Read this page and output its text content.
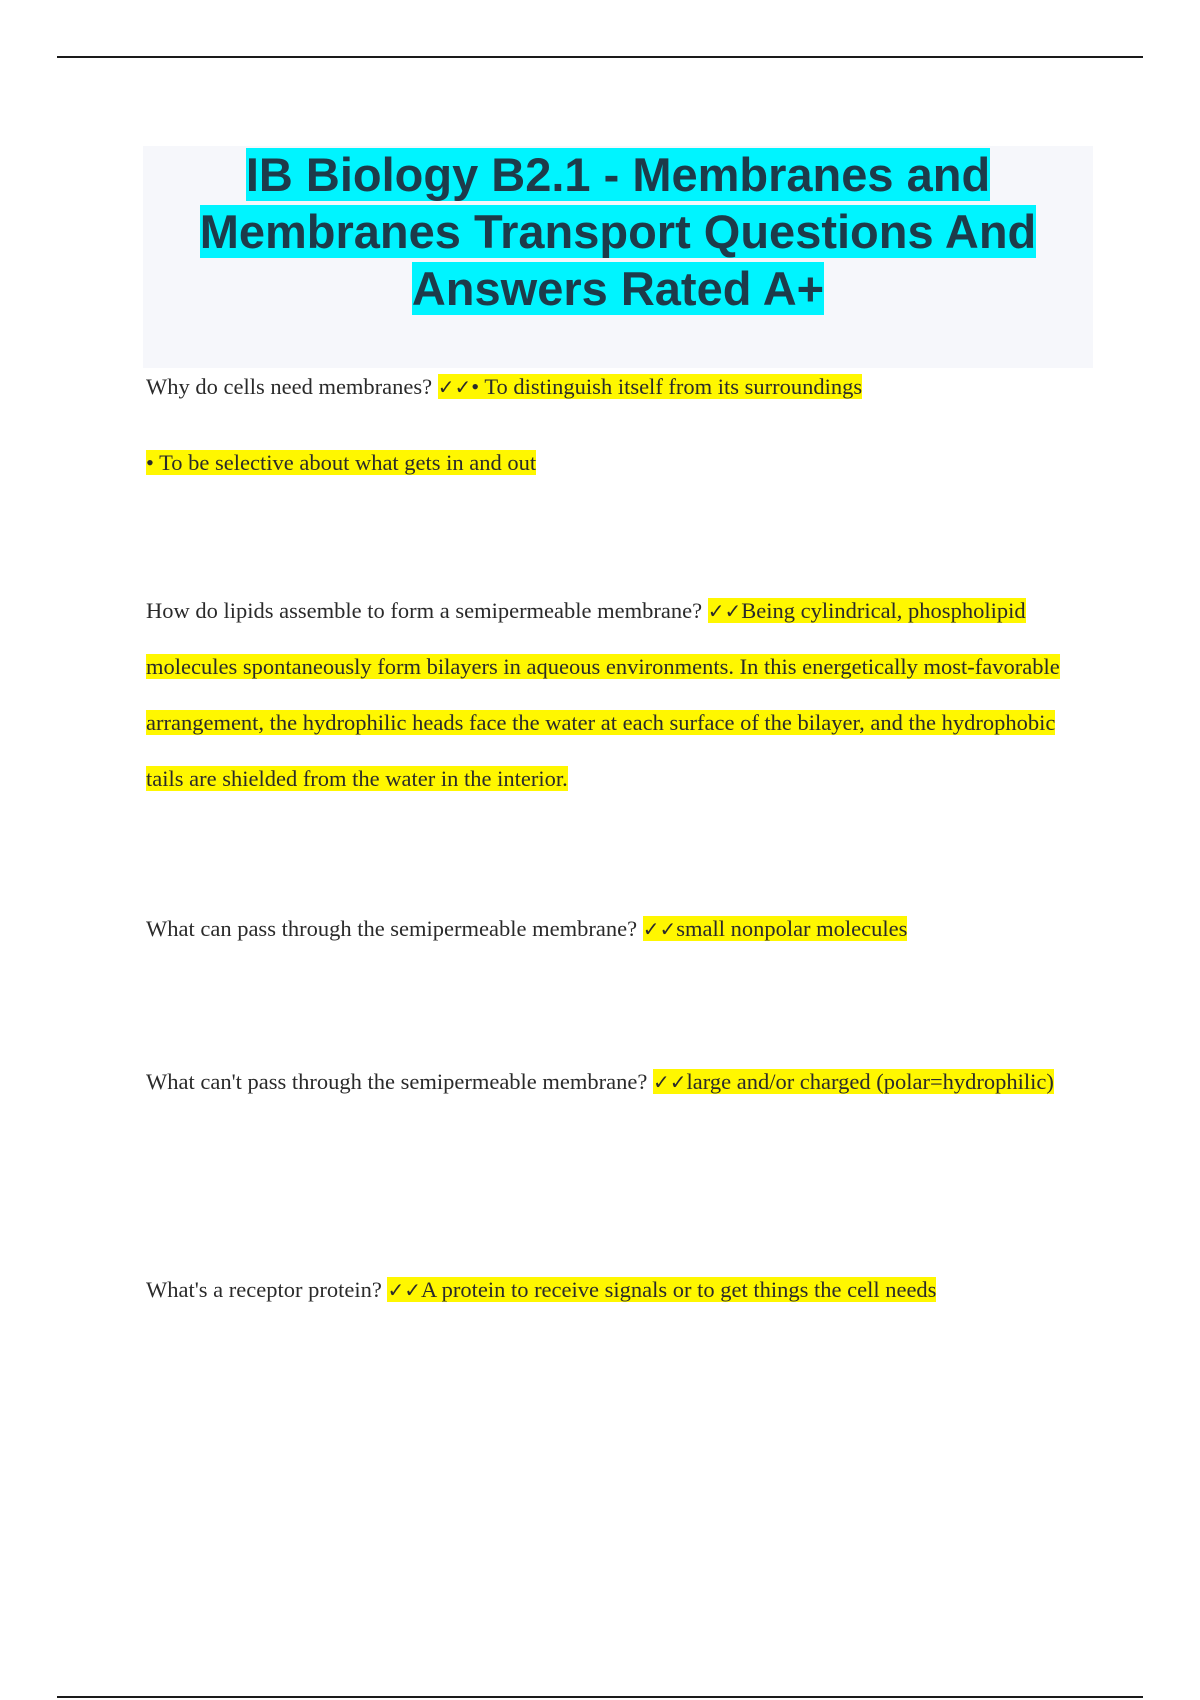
IB Biology B2.1 - Membranes and Membranes Transport Questions And Answers Rated A+

Why do cells need membranes? ✓✓• To distinguish itself from its surroundings

• To be selective about what gets in and out

How do lipids assemble to form a semipermeable membrane? ✓✓Being cylindrical, phospholipid molecules spontaneously form bilayers in aqueous environments. In this energetically most-favorable arrangement, the hydrophilic heads face the water at each surface of the bilayer, and the hydrophobic tails are shielded from the water in the interior.

What can pass through the semipermeable membrane? ✓✓small nonpolar molecules

What can't pass through the semipermeable membrane? ✓✓large and/or charged (polar=hydrophilic)

What's a receptor protein? ✓✓A protein to receive signals or to get things the cell needs
